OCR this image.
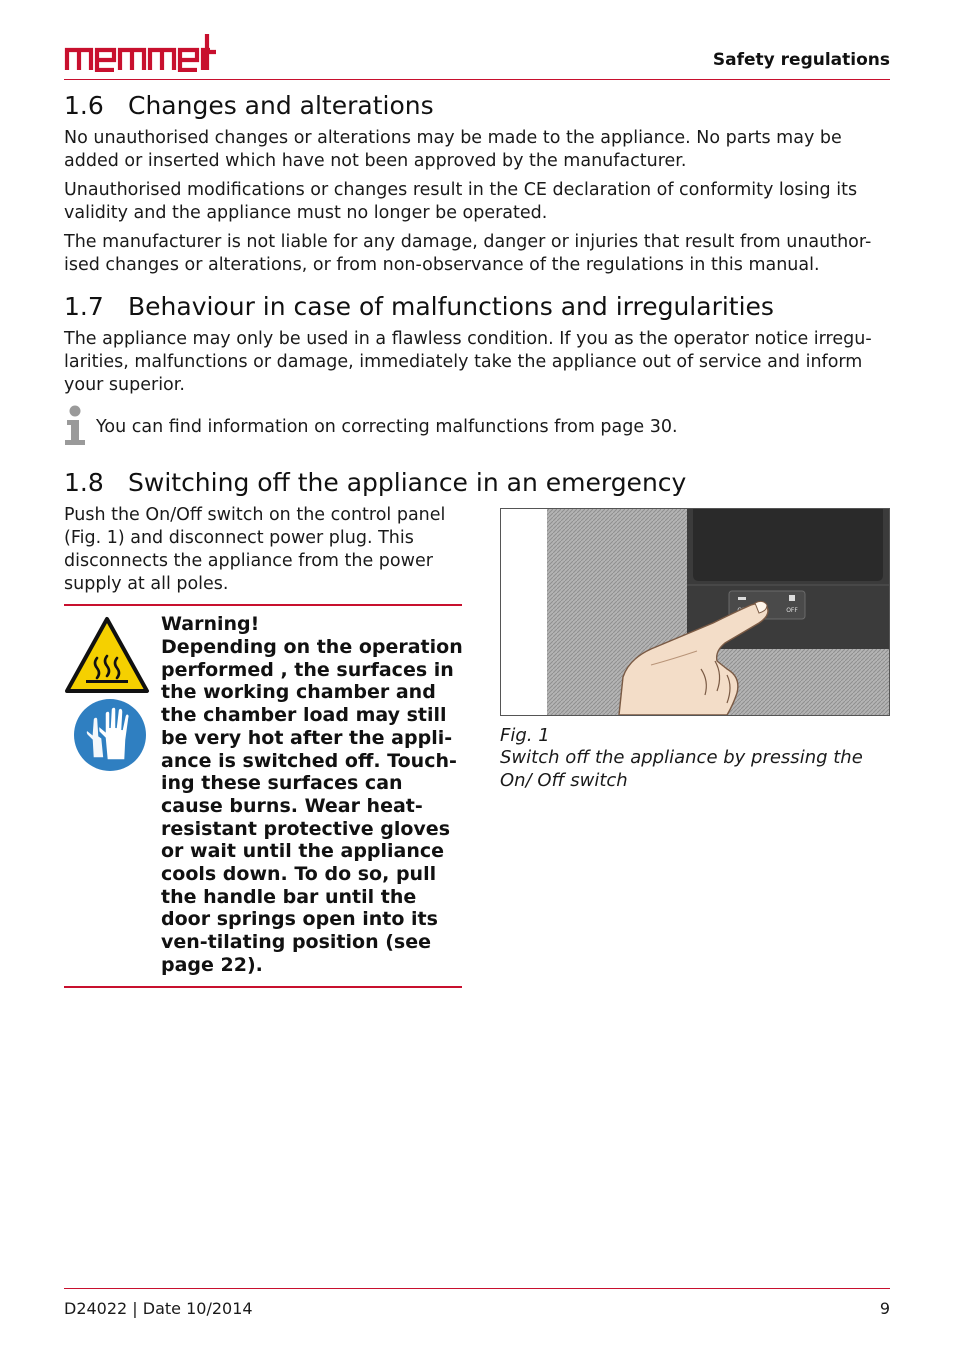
Safety regulations
1.6 Changes and alterations

No unauthorised changes or alterations may be made to the appliance. No parts may be added or inserted which have not been approved by the manufacturer.

Unauthorised modifications or changes result in the CE declaration of conformity losing its validity and the appliance must no longer be operated.

The manufacturer is not liable for any damage, danger or injuries that result from unauthor-ised changes or alterations, or from non-observance of the regulations in this manual.

1.7 Behaviour in case of malfunctions and irregularities

The appliance may only be used in a flawless condition. If you as the operator notice irregu-larities, malfunctions or damage, immediately take the appliance out of service and inform your superior.

You can find information on correcting malfunctions from page 30.

1.8 Switching off the appliance in an emergency

Push the On/Off switch on the control panel (Fig. 1) and disconnect power plug. This disconnects the appliance from the power supply at all poles.

Warning!

Depending on the operation performed , the surfaces in the working chamber and the chamber load may still be very hot after the appli-ance is switched off. Touch-ing these surfaces can cause burns. Wear heat-resistant protective gloves or wait until the appliance cools down. To do so, pull the handle bar until the door springs open into its ven-tilating position (see page 22).

OFF

Fig. 1

Switch off the appliance by pressing the On/ Off switch

D24022 | Date 10/2014	9
